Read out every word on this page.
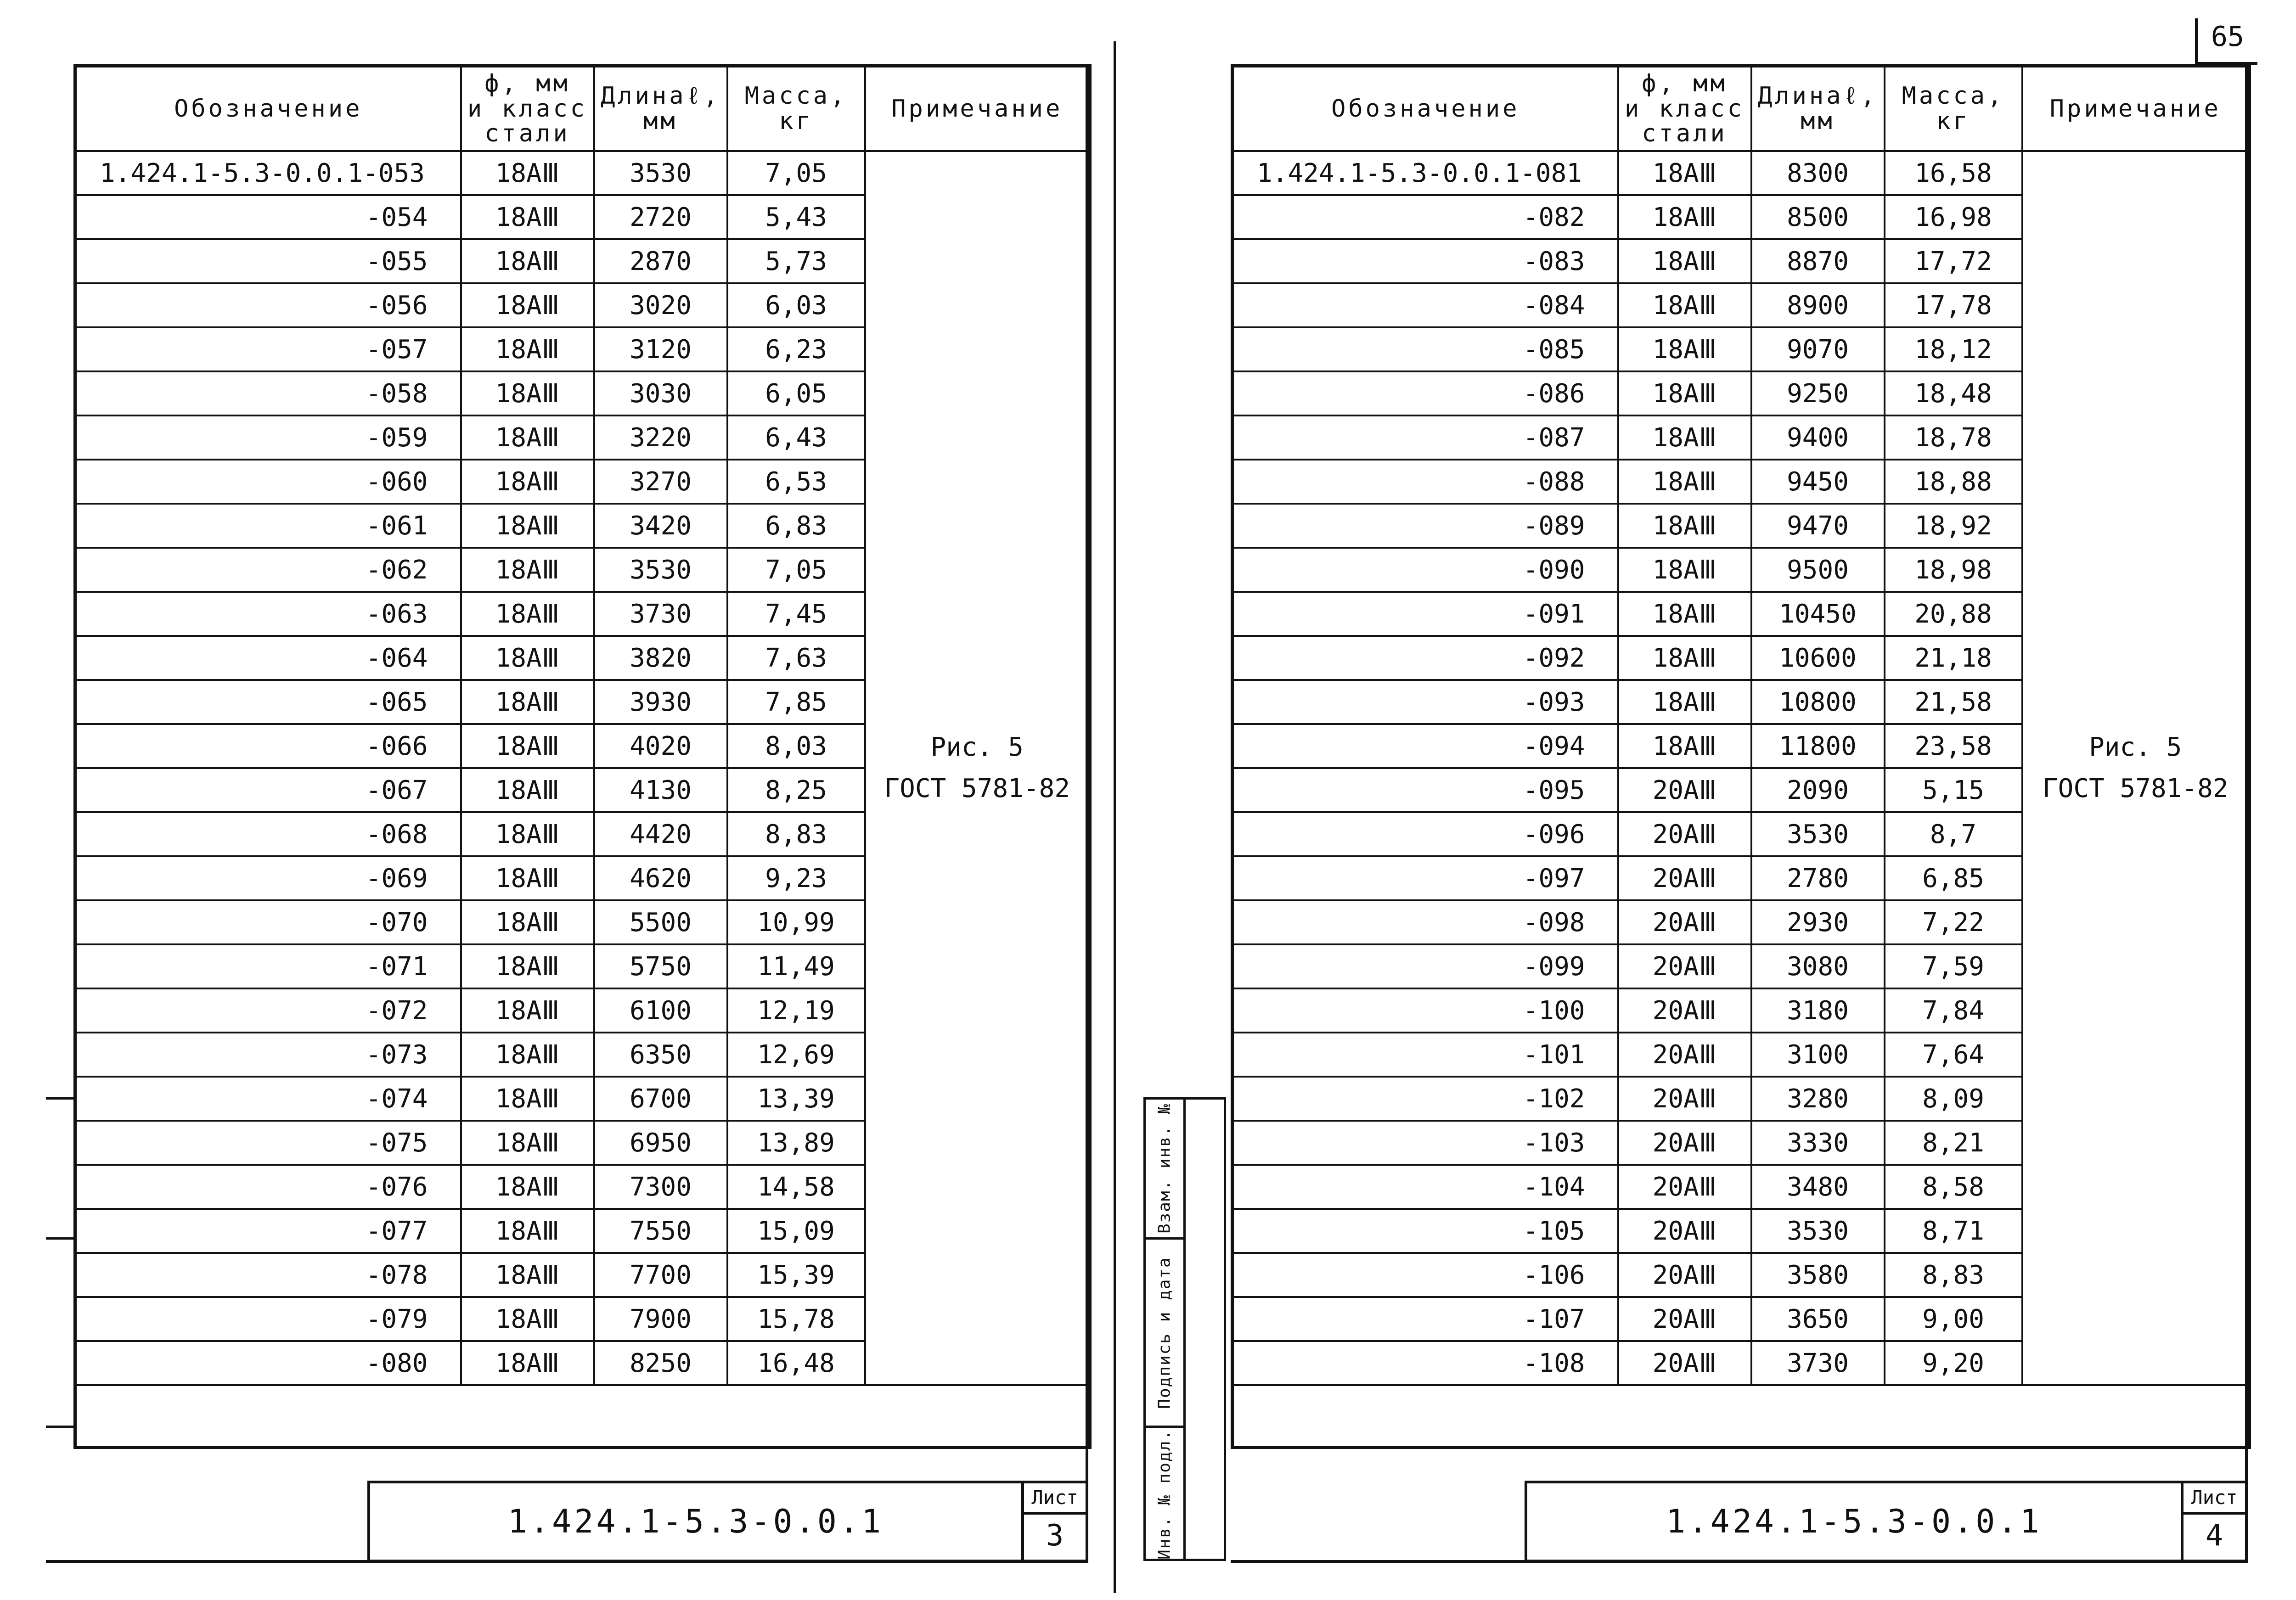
65
Обозначение	ф, мм
и класс
стали	Длинаℓ,
мм	Масса,
кг	Примечание
1.424.1-5.3-0.0.1-053	18AⅢ	3530	7,05	Рис. 5
ГОСТ 5781-82

-054	18AⅢ	2720	5,43	
-055	18AⅢ	2870	5,73	
-056	18AⅢ	3020	6,03	
-057	18AⅢ	3120	6,23	
-058	18AⅢ	3030	6,05	
-059	18AⅢ	3220	6,43	
-060	18AⅢ	3270	6,53	
-061	18AⅢ	3420	6,83	
-062	18AⅢ	3530	7,05	
-063	18AⅢ	3730	7,45	
-064	18AⅢ	3820	7,63	
-065	18AⅢ	3930	7,85	
-066	18AⅢ	4020	8,03	
-067	18AⅢ	4130	8,25	
-068	18AⅢ	4420	8,83	
-069	18AⅢ	4620	9,23	
-070	18AⅢ	5500	10,99	
-071	18AⅢ	5750	11,49	
-072	18AⅢ	6100	12,19	
-073	18AⅢ	6350	12,69	
-074	18AⅢ	6700	13,39	
-075	18AⅢ	6950	13,89	
-076	18AⅢ	7300	14,58	
-077	18AⅢ	7550	15,09	
-078	18AⅢ	7700	15,39	
-079	18AⅢ	7900	15,78	
-080	18AⅢ	8250	16,48	

1.424.1-5.3-0.0.1
Лист
3
Взам. инв. №
Подпись и дата
Инв. № подл.
Обозначение	ф, мм
и класс
стали	Длинаℓ,
мм	Масса,
кг	Примечание
1.424.1-5.3-0.0.1-081	18AⅢ	8300	16,58	Рис. 5
ГОСТ 5781-82

-082	18AⅢ	8500	16,98	
-083	18AⅢ	8870	17,72	
-084	18AⅢ	8900	17,78	
-085	18AⅢ	9070	18,12	
-086	18AⅢ	9250	18,48	
-087	18AⅢ	9400	18,78	
-088	18AⅢ	9450	18,88	
-089	18AⅢ	9470	18,92	
-090	18AⅢ	9500	18,98	
-091	18AⅢ	10450	20,88	
-092	18AⅢ	10600	21,18	
-093	18AⅢ	10800	21,58	
-094	18AⅢ	11800	23,58	
-095	20AⅢ	2090	5,15	
-096	20AⅢ	3530	8,7	
-097	20AⅢ	2780	6,85	
-098	20AⅢ	2930	7,22	
-099	20AⅢ	3080	7,59	
-100	20AⅢ	3180	7,84	
-101	20AⅢ	3100	7,64	
-102	20AⅢ	3280	8,09	
-103	20AⅢ	3330	8,21	
-104	20AⅢ	3480	8,58	
-105	20AⅢ	3530	8,71	
-106	20AⅢ	3580	8,83	
-107	20AⅢ	3650	9,00	
-108	20AⅢ	3730	9,20	

1.424.1-5.3-0.0.1
Лист
4
